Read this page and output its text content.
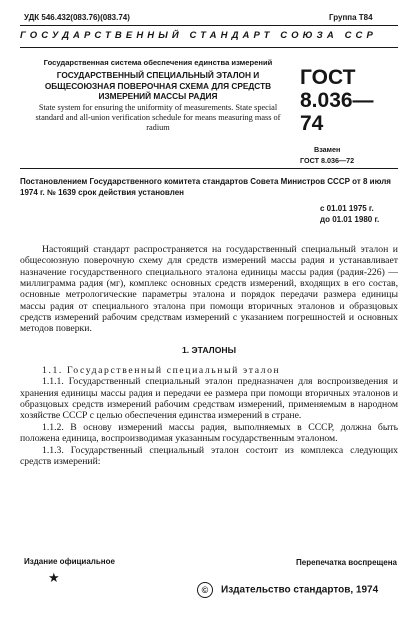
УДК 546.432(083.76)(083.74)	Группа Т84
ГОСУДАРСТВЕННЫЙ СТАНДАРТ СОЮЗА ССР
Государственная система обеспечения единства измерений
ГОСУДАРСТВЕННЫЙ СПЕЦИАЛЬНЫЙ ЭТАЛОН И ОБЩЕСОЮЗНАЯ ПОВЕРОЧНАЯ СХЕМА ДЛЯ СРЕДСТВ ИЗМЕРЕНИЙ МАССЫ РАДИЯ
State system for ensuring the uniformity of measurements. State special standard and all-union verification schedule for means measuring mass of radium
ГОСТ
8.036—74
Взамен
ГОСТ 8.036—72
Постановлением Государственного комитета стандартов Совета Министров СССР от 8 июля 1974 г. № 1639 срок действия установлен
с 01.01 1975 г.
до 01.01 1980 г.

Настоящий стандарт распространяется на государственный специальный эталон и общесоюзную поверочную схему для средств измерений массы радия и устанавливает назначение государственного специального эталона единицы массы радия (радия-226) — миллиграмма радия (мг), комплекс основных средств измерений, входящих в его состав, основные метрологические параметры эталона и порядок передачи размера единицы массы радия от специального эталона при помощи вторичных эталонов и образцовых средств измерений рабочим средствам измерений с указанием погрешностей и основных методов поверки.

1. ЭТАЛОНЫ

1.1. Государственный специальный эталон

1.1.1. Государственный специальный эталон предназначен для воспроизведения и хранения единицы массы радия и передачи ее размера при помощи вторичных эталонов и образцовых средств измерений рабочим средствам измерений, применяемым в народном хозяйстве СССР с целью обеспечения единства измерений в стране.

1.1.2. В основу измерений массы радия, выполняемых в СССР, должна быть положена единица, воспроизводимая указанным государственным эталоном.

1.1.3. Государственный специальный эталон состоит из комплекса следующих средств измерений:

Издание официальное	Перепечатка воспрещена
★
© Издательство стандартов, 1974
